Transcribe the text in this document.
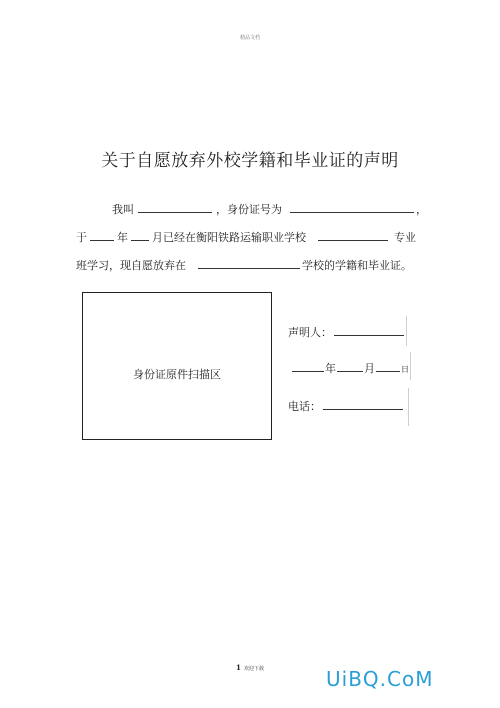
精品文档
关于自愿放弃外校学籍和毕业证的声明
我叫	，身份证号为	，
于	年 月已经在衡阳铁路运输职业学校	专业
班学习，现自愿放弃在	学校的学籍和毕业证。
身份证原件扫描区
声明人：
年	月	日
电话：
1 欢迎下载	UiBQ.CoM
